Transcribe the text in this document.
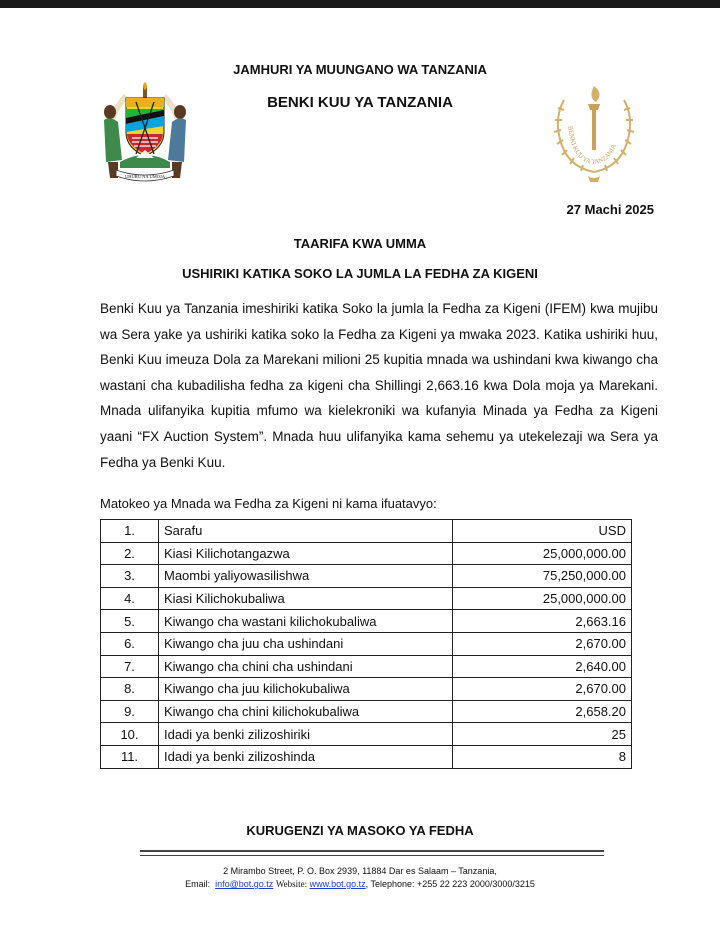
JAMHURI YA MUUNGANO WA TANZANIA
BENKI KUU YA TANZANIA
UHURU NA UMOJA
BENKI KUU YA TANZANIA
27 Machi 2025
TAARIFA KWA UMMA
USHIRIKI KATIKA SOKO LA JUMLA LA FEDHA ZA KIGENI

Benki Kuu ya Tanzania imeshiriki katika Soko la jumla la Fedha za Kigeni (IFEM) kwa mujibu wa Sera yake ya ushiriki katika soko la Fedha za Kigeni ya mwaka 2023. Katika ushiriki huu, Benki Kuu imeuza Dola za Marekani milioni 25 kupitia mnada wa ushindani kwa kiwango cha wastani cha kubadilisha fedha za kigeni cha Shillingi 2,663.16 kwa Dola moja ya Marekani. Mnada ulifanyika kupitia mfumo wa kielekroniki wa kufanyia Minada ya Fedha za Kigeni yaani “FX Auction System”. Mnada huu ulifanyika kama sehemu ya utekelezaji wa Sera ya Fedha ya Benki Kuu.

Matokeo ya Mnada wa Fedha za Kigeni ni kama ifuatavyo:
1.	Sarafu	USD
2.	Kiasi Kilichotangazwa	25,000,000.00
3.	Maombi yaliyowasilishwa	75,250,000.00
4.	Kiasi Kilichokubaliwa	25,000,000.00
5.	Kiwango cha wastani kilichokubaliwa	2,663.16
6.	Kiwango cha juu cha ushindani	2,670.00
7.	Kiwango cha chini cha ushindani	2,640.00
8.	Kiwango cha juu kilichokubaliwa	2,670.00
9.	Kiwango cha chini kilichokubaliwa	2,658.20
10.	Idadi ya benki zilizoshiriki	25
11.	Idadi ya benki zilizoshinda	8
KURUGENZI YA MASOKO YA FEDHA
2 Mirambo Street, P. O. Box 2939, 11884 Dar es Salaam – Tanzania,
Email: info@bot.go.tz Website: www.bot.go.tz, Telephone: +255 22 223 2000/3000/3215
